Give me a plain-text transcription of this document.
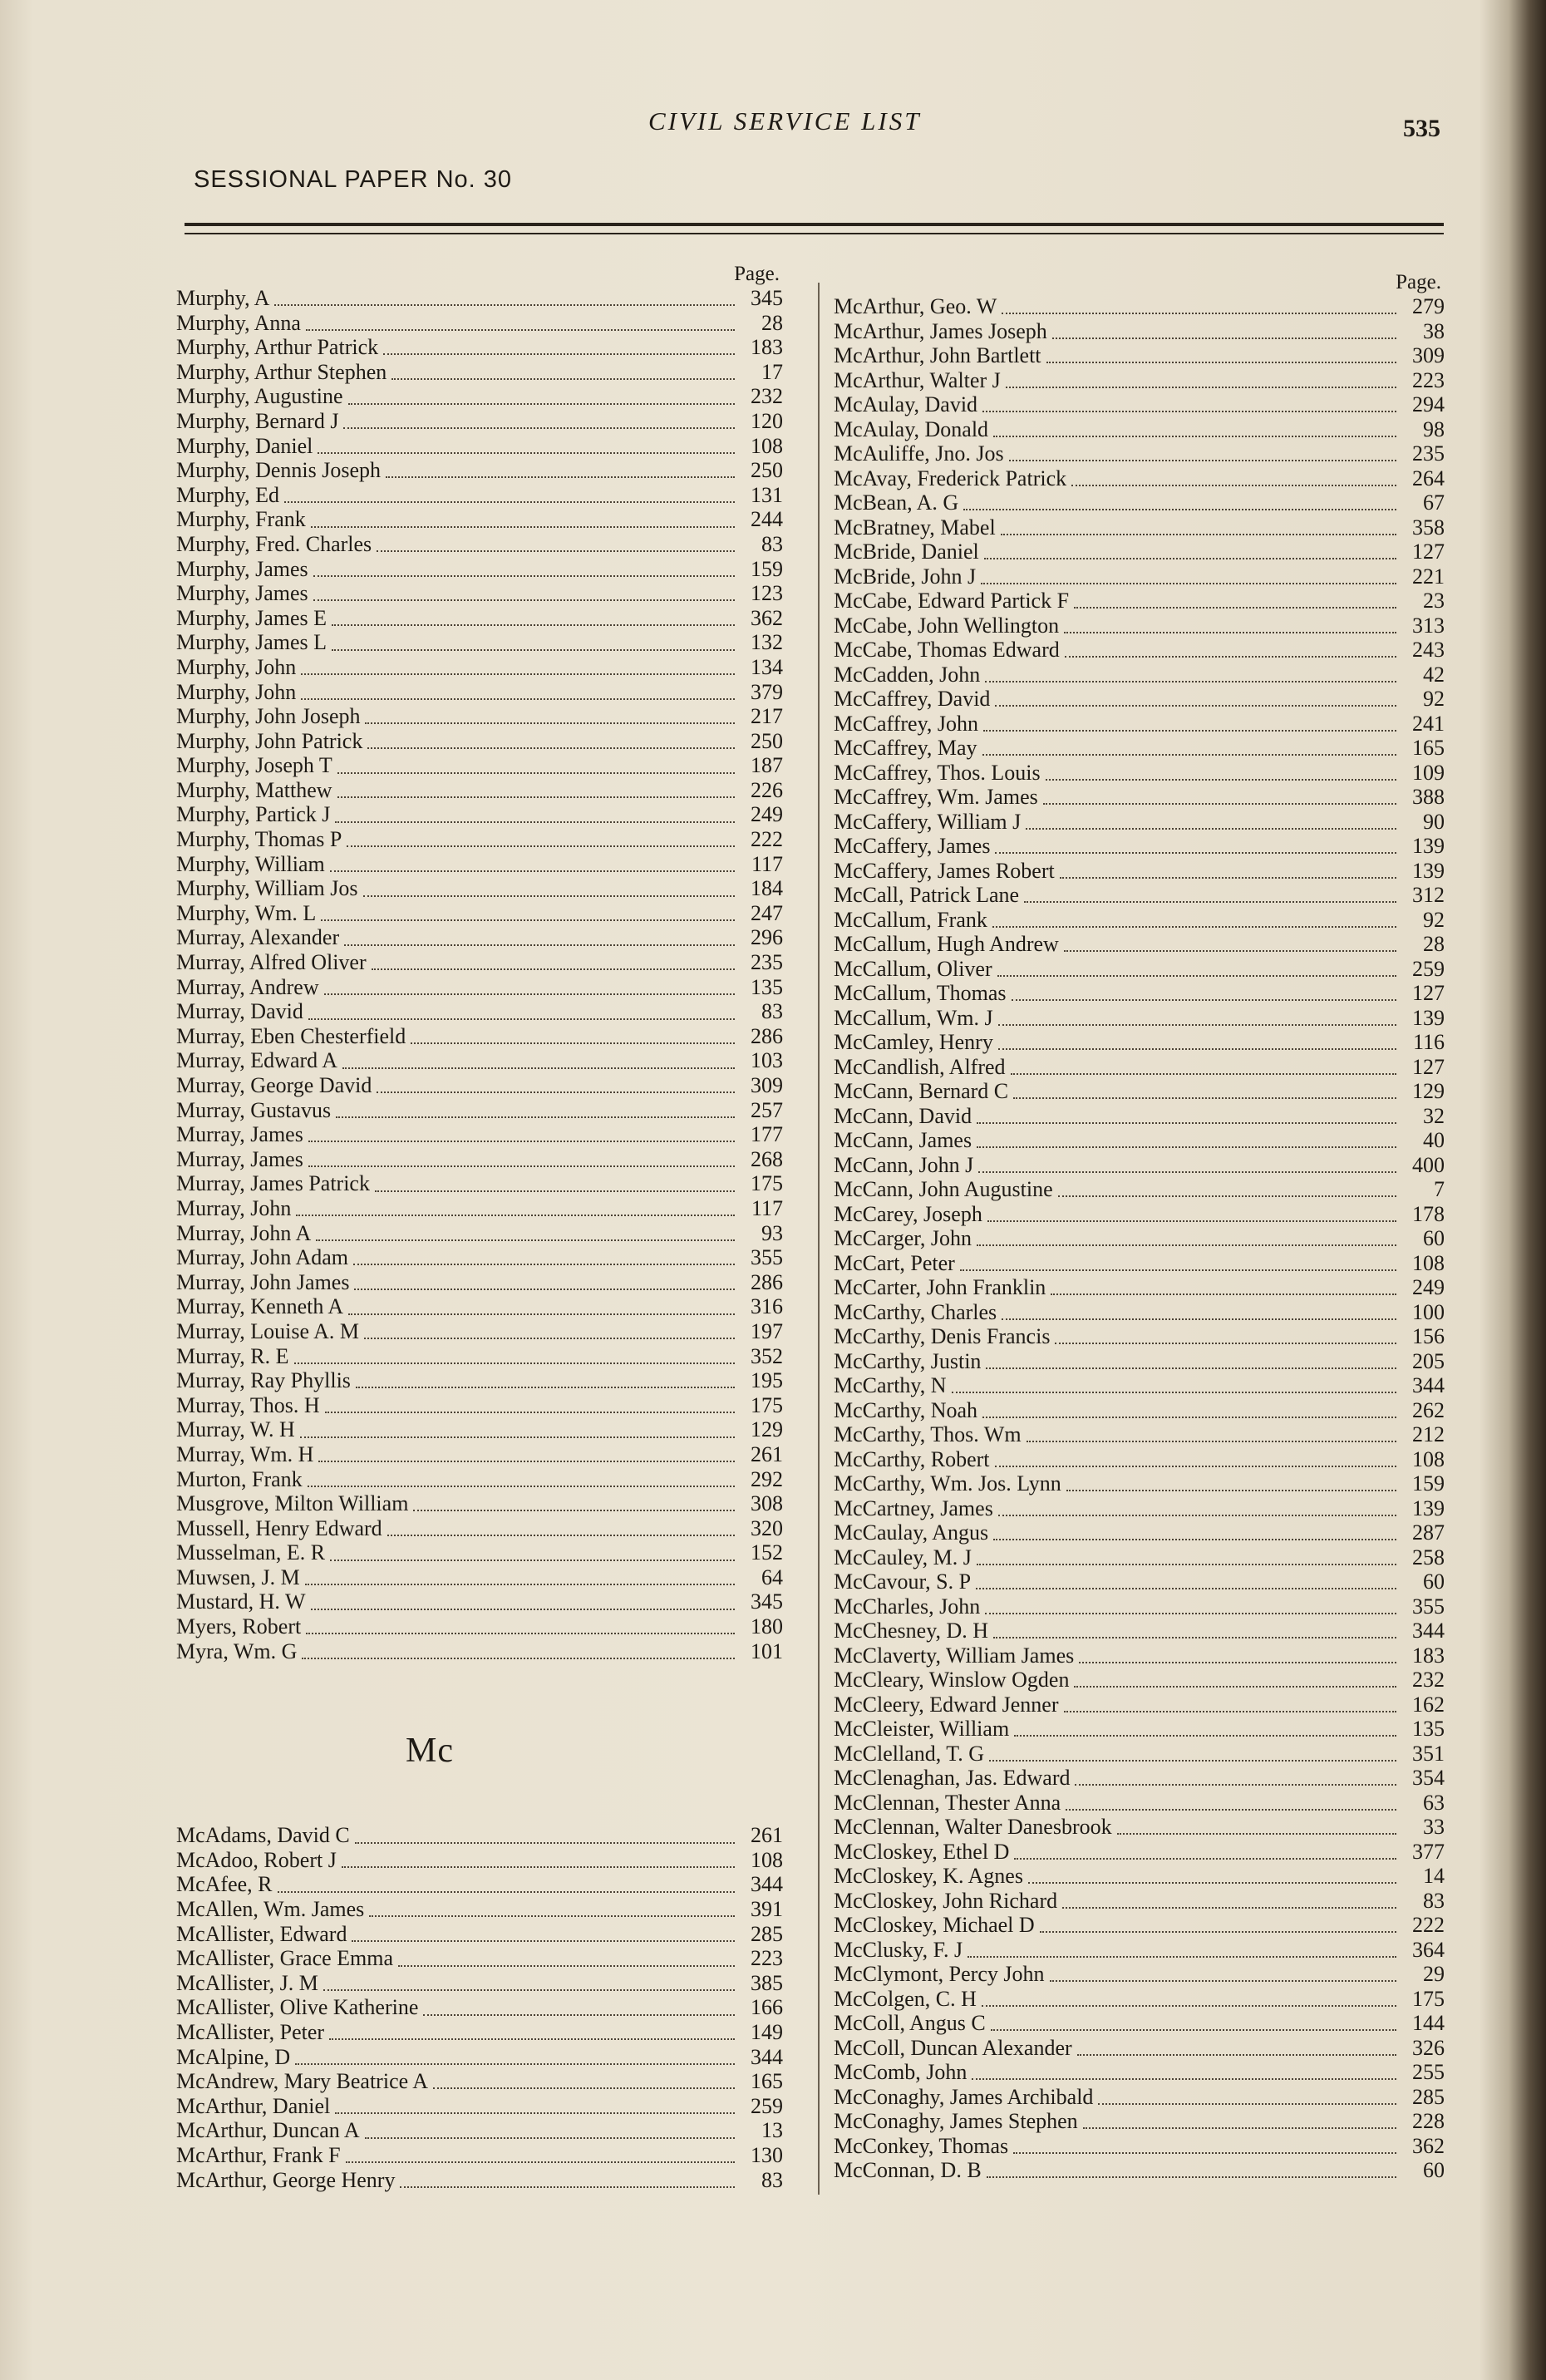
CIVIL SERVICE LIST	535
SESSIONAL PAPER No. 30
Page.
Murphy, A	345
Murphy, Anna	28
Murphy, Arthur Patrick	183
Murphy, Arthur Stephen	17
Murphy, Augustine	232
Murphy, Bernard J	120
Murphy, Daniel	108
Murphy, Dennis Joseph	250
Murphy, Ed	131
Murphy, Frank	244
Murphy, Fred. Charles	83
Murphy, James	159
Murphy, James	123
Murphy, James E	362
Murphy, James L	132
Murphy, John	134
Murphy, John	379
Murphy, John Joseph	217
Murphy, John Patrick	250
Murphy, Joseph T	187
Murphy, Matthew	226
Murphy, Partick J	249
Murphy, Thomas P	222
Murphy, William	117
Murphy, William Jos	184
Murphy, Wm. L	247
Murray, Alexander	296
Murray, Alfred Oliver	235
Murray, Andrew	135
Murray, David	83
Murray, Eben Chesterfield	286
Murray, Edward A	103
Murray, George David	309
Murray, Gustavus	257
Murray, James	177
Murray, James	268
Murray, James Patrick	175
Murray, John	117
Murray, John A	93
Murray, John Adam	355
Murray, John James	286
Murray, Kenneth A	316
Murray, Louise A. M	197
Murray, R. E	352
Murray, Ray Phyllis	195
Murray, Thos. H	175
Murray, W. H	129
Murray, Wm. H	261
Murton, Frank	292
Musgrove, Milton William	308
Mussell, Henry Edward	320
Musselman, E. R	152
Muwsen, J. M	64
Mustard, H. W	345
Myers, Robert	180
Myra, Wm. G	101
Mc
McAdams, David C	261
McAdoo, Robert J	108
McAfee, R	344
McAllen, Wm. James	391
McAllister, Edward	285
McAllister, Grace Emma	223
McAllister, J. M	385
McAllister, Olive Katherine	166
McAllister, Peter	149
McAlpine, D	344
McAndrew, Mary Beatrice A	165
McArthur, Daniel	259
McArthur, Duncan A	13
McArthur, Frank F	130
McArthur, George Henry	83
Page.
McArthur, Geo. W	279
McArthur, James Joseph	38
McArthur, John Bartlett	309
McArthur, Walter J	223
McAulay, David	294
McAulay, Donald	98
McAuliffe, Jno. Jos	235
McAvay, Frederick Patrick	264
McBean, A. G	67
McBratney, Mabel	358
McBride, Daniel	127
McBride, John J	221
McCabe, Edward Partick F	23
McCabe, John Wellington	313
McCabe, Thomas Edward	243
McCadden, John	42
McCaffrey, David	92
McCaffrey, John	241
McCaffrey, May	165
McCaffrey, Thos. Louis	109
McCaffrey, Wm. James	388
McCaffery, William J	90
McCaffery, James	139
McCaffery, James Robert	139
McCall, Patrick Lane	312
McCallum, Frank	92
McCallum, Hugh Andrew	28
McCallum, Oliver	259
McCallum, Thomas	127
McCallum, Wm. J	139
McCamley, Henry	116
McCandlish, Alfred	127
McCann, Bernard C	129
McCann, David	32
McCann, James	40
McCann, John J	400
McCann, John Augustine	7
McCarey, Joseph	178
McCarger, John	60
McCart, Peter	108
McCarter, John Franklin	249
McCarthy, Charles	100
McCarthy, Denis Francis	156
McCarthy, Justin	205
McCarthy, N	344
McCarthy, Noah	262
McCarthy, Thos. Wm	212
McCarthy, Robert	108
McCarthy, Wm. Jos. Lynn	159
McCartney, James	139
McCaulay, Angus	287
McCauley, M. J	258
McCavour, S. P	60
McCharles, John	355
McChesney, D. H	344
McClaverty, William James	183
McCleary, Winslow Ogden	232
McCleery, Edward Jenner	162
McCleister, William	135
McClelland, T. G	351
McClenaghan, Jas. Edward	354
McClennan, Thester Anna	63
McClennan, Walter Danesbrook	33
McCloskey, Ethel D	377
McCloskey, K. Agnes	14
McCloskey, John Richard	83
McCloskey, Michael D	222
McClusky, F. J	364
McClymont, Percy John	29
McColgen, C. H	175
McColl, Angus C	144
McColl, Duncan Alexander	326
McComb, John	255
McConaghy, James Archibald	285
McConaghy, James Stephen	228
McConkey, Thomas	362
McConnan, D. B	60
